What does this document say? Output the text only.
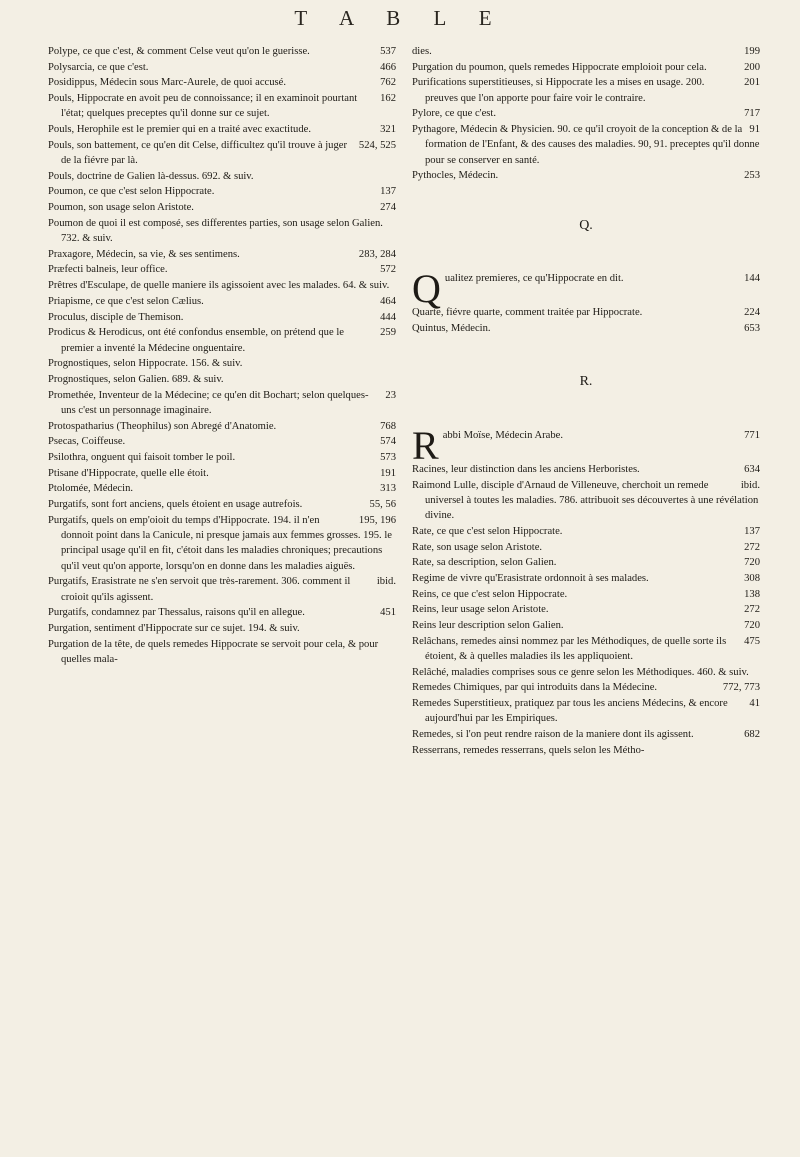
T A B L E
537
Polype, ce que c'est, & comment Celse veut qu'on le guerisse.
466
Polysarcia, ce que c'est.
762
Posidippus, Médecin sous Marc-Aurele, de quoi accusé.
162
Pouls, Hippocrate en avoit peu de connoissance; il en examinoit pourtant l'état; quelques preceptes qu'il donne sur ce sujet.
321
Pouls, Herophile est le premier qui en a traité avec exactitude.
524, 525
Pouls, son battement, ce qu'en dit Celse, difficultez qu'il trouve à juger de la fiévre par là.
Pouls, doctrine de Galien là-dessus. 692. & suiv.
137
Poumon, ce que c'est selon Hippocrate.
274
Poumon, son usage selon Aristote.
Poumon de quoi il est composé, ses differentes parties, son usage selon Galien. 732. & suiv.
283, 284
Praxagore, Médecin, sa vie, & ses sentimens.
572
Præfecti balneis, leur office.
Prêtres d'Esculape, de quelle maniere ils agissoient avec les malades. 64. & suiv.
464
Priapisme, ce que c'est selon Cælius.
444
Proculus, disciple de Themison.
259
Prodicus & Herodicus, ont été confondus ensemble, on prétend que le premier a inventé la Médecine onguentaire.
Prognostiques, selon Hippocrate. 156. & suiv.
Prognostiques, selon Galien. 689. & suiv.
23
Promethée, Inventeur de la Médecine; ce qu'en dit Bochart; selon quelques-uns c'est un personnage imaginaire.
768
Protospatharius (Theophilus) son Abregé d'Anatomie.
574
Psecas, Coiffeuse.
573
Psilothra, onguent qui faisoit tomber le poil.
191
Ptisane d'Hippocrate, quelle elle étoit.
313
Ptolomée, Médecin.
55, 56
Purgatifs, sont fort anciens, quels étoient en usage autrefois.
195, 196
Purgatifs, quels on emp'oioit du temps d'Hippocrate. 194. il n'en donnoit point dans la Canicule, ni presque jamais aux femmes grosses. 195. le principal usage qu'il en fit, c'étoit dans les maladies chroniques; precautions qu'il veut qu'on apporte, lorsqu'on en donne dans les maladies aiguës.
ibid.
Purgatifs, Erasistrate ne s'en servoit que très-rarement. 306. comment il croioit qu'ils agissent.
451
Purgatifs, condamnez par Thessalus, raisons qu'il en allegue.
Purgation, sentiment d'Hippocrate sur ce sujet. 194. & suiv.
Purgation de la tête, de quels remedes Hippocrate se servoit pour cela, & pour quelles mala-
199
dies.
200
Purgation du poumon, quels remedes Hippocrate emploioit pour cela.
201
Purifications superstitieuses, si Hippocrate les a mises en usage. 200. preuves que l'on apporte pour faire voir le contraire.
717
Pylore, ce que c'est.
91
Pythagore, Médecin & Physicien. 90. ce qu'il croyoit de la conception & de la formation de l'Enfant, & des causes des maladies. 90, 91. preceptes qu'il donne pour se conserver en santé.
253
Pythocles, Médecin.
Q.
Q	144
ualitez premieres, ce qu'Hippocrate en dit.
224
Quarte, fiévre quarte, comment traitée par Hippocrate.
653
Quintus, Médecin.
R.
R	771
abbi Moïse, Médecin Arabe.
634
Racines, leur distinction dans les anciens Herboristes.
ibid.
Raimond Lulle, disciple d'Arnaud de Villeneuve, cherchoit un remede universel à toutes les maladies. 786. attribuoit ses découvertes à une révélation divine.
137
Rate, ce que c'est selon Hippocrate.
272
Rate, son usage selon Aristote.
720
Rate, sa description, selon Galien.
308
Regime de vivre qu'Erasistrate ordonnoit à ses malades.
138
Reins, ce que c'est selon Hippocrate.
272
Reins, leur usage selon Aristote.
720
Reins leur description selon Galien.
475
Relâchans, remedes ainsi nommez par les Méthodiques, de quelle sorte ils étoient, & à quelles maladies ils les appliquoient.
Relâché, maladies comprises sous ce genre selon les Méthodiques. 460. & suiv.
772, 773
Remedes Chimiques, par qui introduits dans la Médecine.
41
Remedes Superstitieux, pratiquez par tous les anciens Médecins, & encore aujourd'hui par les Empiriques.
682
Remedes, si l'on peut rendre raison de la maniere dont ils agissent.
Resserrans, remedes resserrans, quels selon les Métho-
